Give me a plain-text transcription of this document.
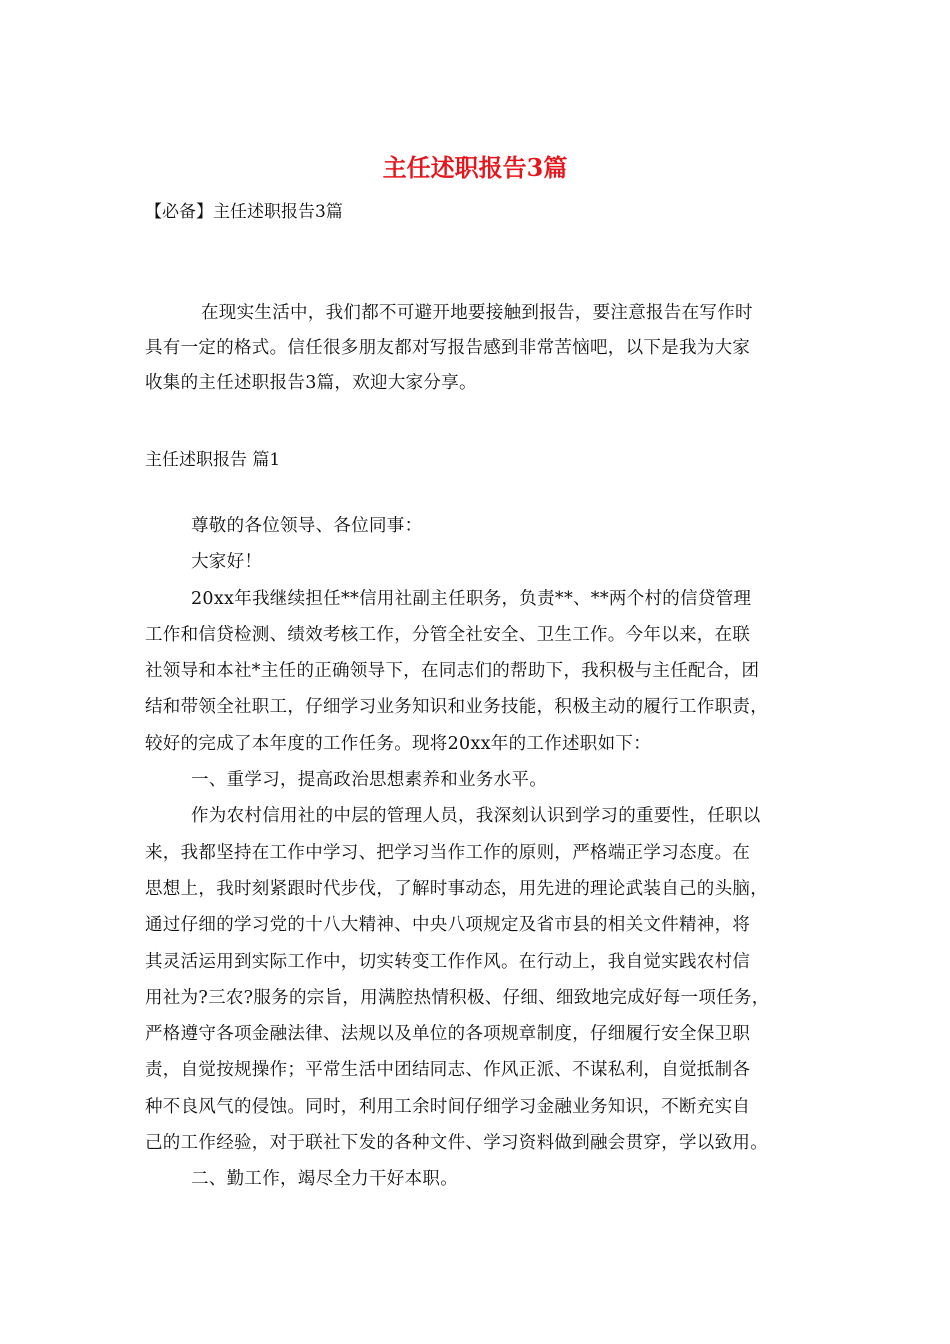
主任述职报告3篇
【必备】主任述职报告3篇
在现实生活中，我们都不可避开地要接触到报告，要注意报告在写作时
具有一定的格式。信任很多朋友都对写报告感到非常苦恼吧，以下是我为大家
收集的主任述职报告3篇，欢迎大家分享。
主任述职报告 篇1
尊敬的各位领导、各位同事：
大家好！
20xx年我继续担任**信用社副主任职务，负责**、**两个村的信贷管理
工作和信贷检测、绩效考核工作，分管全社安全、卫生工作。今年以来，在联
社领导和本社*主任的正确领导下，在同志们的帮助下，我积极与主任配合，团
结和带领全社职工，仔细学习业务知识和业务技能，积极主动的履行工作职责，
较好的完成了本年度的工作任务。现将20xx年的工作述职如下：
一、重学习，提高政治思想素养和业务水平。
作为农村信用社的中层的管理人员，我深刻认识到学习的重要性，任职以
来，我都坚持在工作中学习、把学习当作工作的原则，严格端正学习态度。在
思想上，我时刻紧跟时代步伐，了解时事动态，用先进的理论武装自己的头脑，
通过仔细的学习党的十八大精神、中央八项规定及省市县的相关文件精神，将
其灵活运用到实际工作中，切实转变工作作风。在行动上，我自觉实践农村信
用社为?三农?服务的宗旨，用满腔热情积极、仔细、细致地完成好每一项任务，
严格遵守各项金融法律、法规以及单位的各项规章制度，仔细履行安全保卫职
责，自觉按规操作；平常生活中团结同志、作风正派、不谋私利，自觉抵制各
种不良风气的侵蚀。同时，利用工余时间仔细学习金融业务知识，不断充实自
己的工作经验，对于联社下发的各种文件、学习资料做到融会贯穿，学以致用。
二、勤工作，竭尽全力干好本职。
